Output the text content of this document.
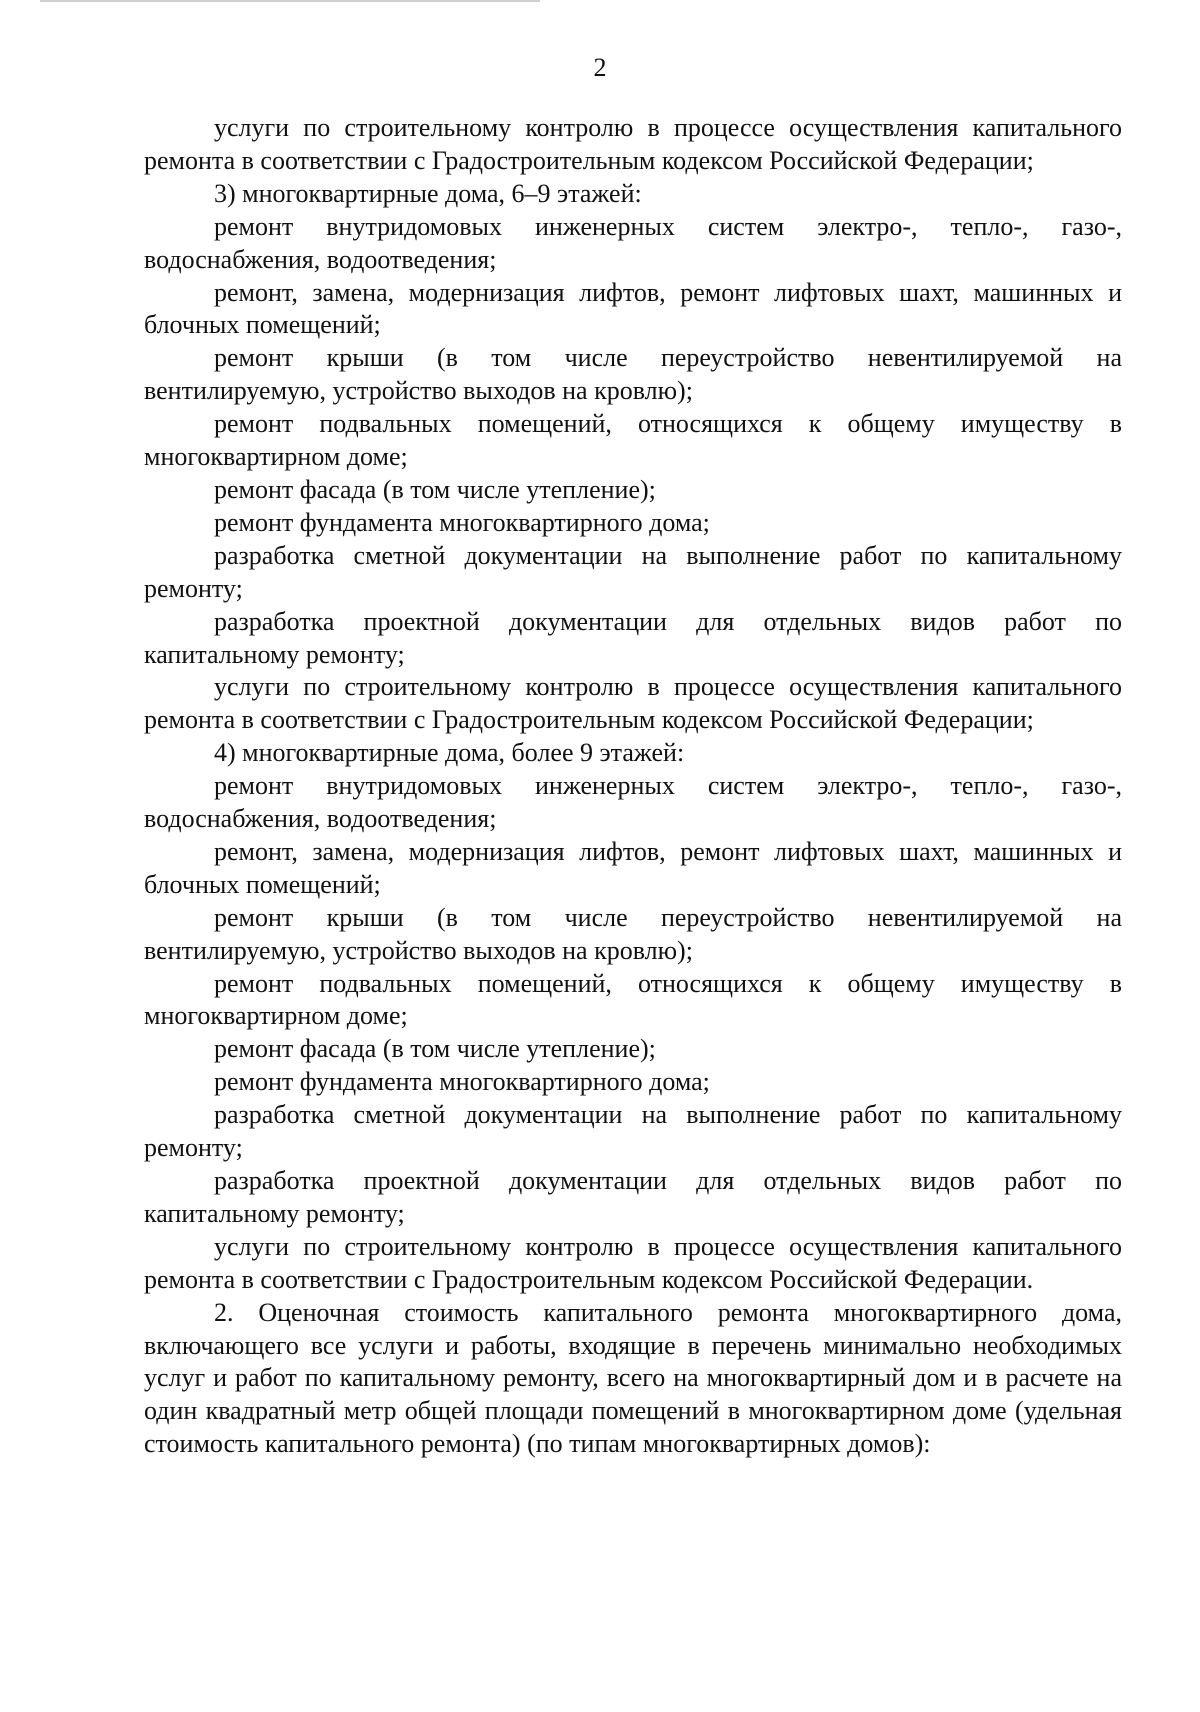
2

услуги по строительному контролю в процессе осуществления капитального ремонта в соответствии с Градостроительным кодексом Российской Федерации;

3) многоквартирные дома, 6–9 этажей:

ремонт внутридомовых инженерных систем электро-, тепло-, газо-, водоснабжения, водоотведения;

ремонт, замена, модернизация лифтов, ремонт лифтовых шахт, машинных и блочных помещений;

ремонт крыши (в том числе переустройство невентилируемой на вентилируемую, устройство выходов на кровлю);

ремонт подвальных помещений, относящихся к общему имуществу в многоквартирном доме;

ремонт фасада (в том числе утепление);

ремонт фундамента многоквартирного дома;

разработка сметной документации на выполнение работ по капитальному ремонту;

разработка проектной документации для отдельных видов работ по капитальному ремонту;

услуги по строительному контролю в процессе осуществления капитального ремонта в соответствии с Градостроительным кодексом Российской Федерации;

4) многоквартирные дома, более 9 этажей:

ремонт внутридомовых инженерных систем электро-, тепло-, газо-, водоснабжения, водоотведения;

ремонт, замена, модернизация лифтов, ремонт лифтовых шахт, машинных и блочных помещений;

ремонт крыши (в том числе переустройство невентилируемой на вентилируемую, устройство выходов на кровлю);

ремонт подвальных помещений, относящихся к общему имуществу в многоквартирном доме;

ремонт фасада (в том числе утепление);

ремонт фундамента многоквартирного дома;

разработка сметной документации на выполнение работ по капитальному ремонту;

разработка проектной документации для отдельных видов работ по капитальному ремонту;

услуги по строительному контролю в процессе осуществления капитального ремонта в соответствии с Градостроительным кодексом Российской Федерации.

2. Оценочная стоимость капитального ремонта многоквартирного дома, включающего все услуги и работы, входящие в перечень минимально необходимых услуг и работ по капитальному ремонту, всего на многоквартирный дом и в расчете на один квадратный метр общей площади помещений в многоквартирном доме (удельная стоимость капитального ремонта) (по типам многоквартирных домов):
